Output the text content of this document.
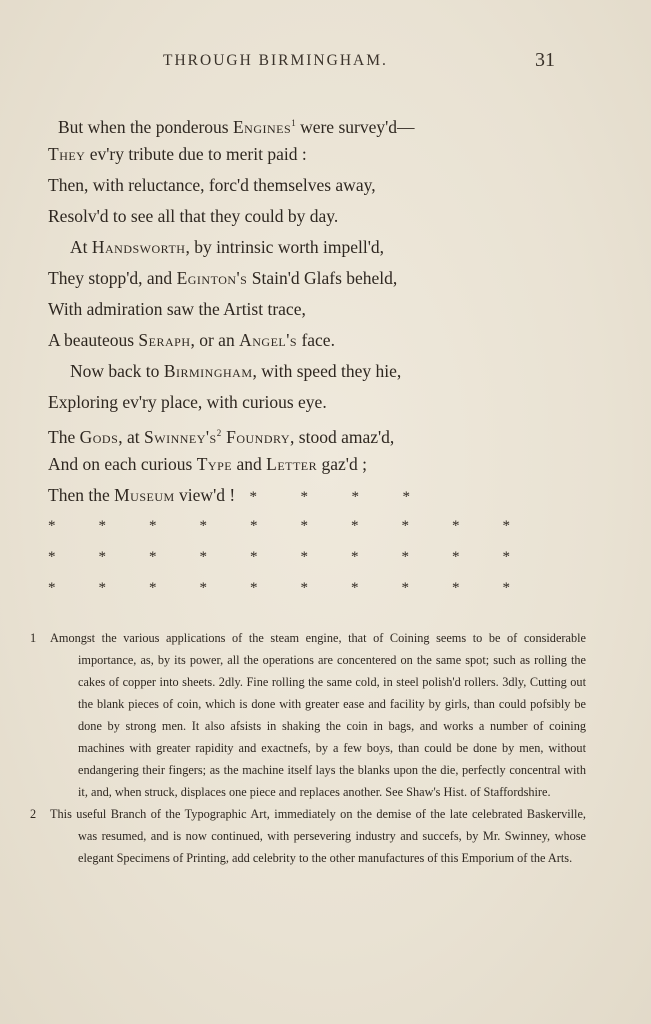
THROUGH BIRMINGHAM.	31
But when the ponderous Engines$^1$ were survey'd—
They ev'ry tribute due to merit paid :
Then, with reluctance, forc'd themselves away,
Resolv'd to see all that they could by day.
At Handsworth, by intrinsic worth impell'd,
They stopp'd, and Eginton's Stain'd Glafs beheld,
With admiration saw the Artist trace,
A beauteous Seraph, or an Angel's face.
Now back to Birmingham, with speed they hie,
Exploring ev'ry place, with curious eye.
The Gods, at $Swinney's^2$ Foundry, stood amaz'd,
And on each curious Type and Letter gaz'd ;
Then the Museum view'd ! *	*	*	*
*	*	*	*	*	*	*	*	*	*
*	*	*	*	*	*	*	*	*	*
*	*	*	*	*	*	*	*	*	*
1 Amongst the various applications of the steam engine, that of Coining seems to be of considerable importance, as, by its power, all the operations are concentered on the same spot; such as rolling the cakes of copper into sheets. 2dly. Fine rolling the same cold, in steel polish'd rollers. 3dly, Cutting out the blank pieces of coin, which is done with greater ease and facility by girls, than could pofsibly be done by strong men. It also afsists in shaking the coin in bags, and works a number of coining machines with greater rapidity and exactnefs, by a few boys, than could be done by men, without endangering their fingers; as the machine itself lays the blanks upon the die, perfectly concentral with it, and, when struck, displaces one piece and replaces another. See Shaw's Hist. of Staffordshire.
2 This useful Branch of the Typographic Art, immediately on the demise of the late celebrated Baskerville, was resumed, and is now continued, with persevering industry and succefs, by Mr. Swinney, whose elegant Specimens of Printing, add celebrity to the other manufactures of this Emporium of the Arts.
